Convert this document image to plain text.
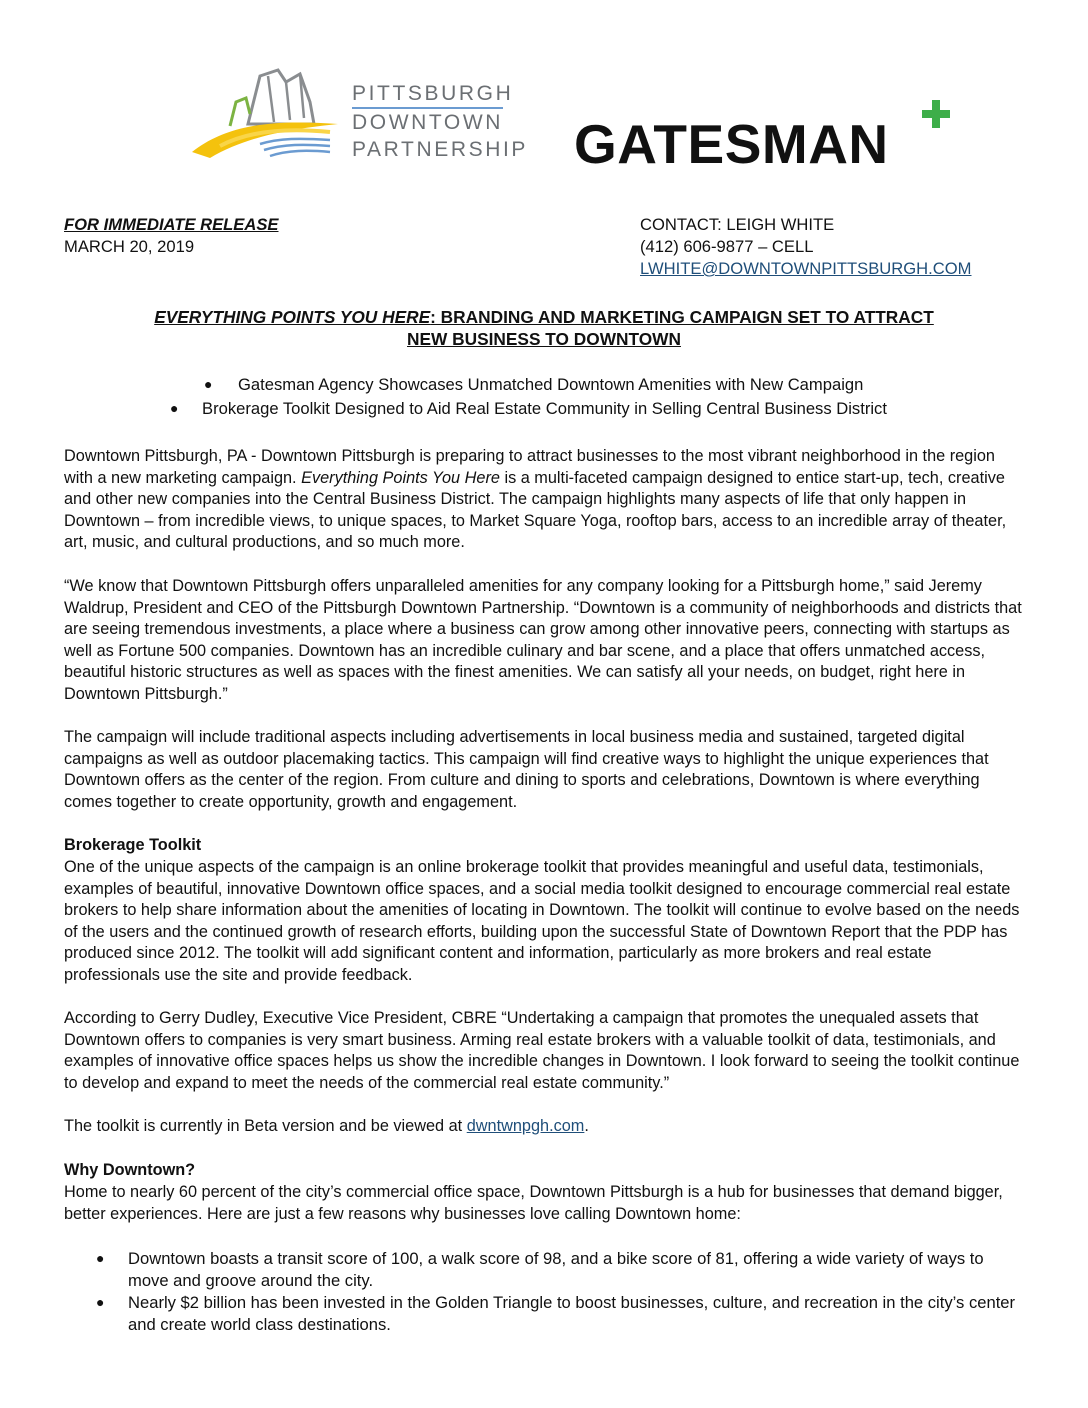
PITTSBURGH
DOWNTOWN
PARTNERSHIP GATESMAN
FOR IMMEDIATE RELEASE
MARCH 20, 2019
CONTACT: LEIGH WHITE
(412) 606-9877 – CELL
LWHITE@DOWNTOWNPITTSBURGH.COM
EVERYTHING POINTS YOU HERE: BRANDING AND MARKETING CAMPAIGN SET TO ATTRACT
NEW BUSINESS TO DOWNTOWN
● Gatesman Agency Showcases Unmatched Downtown Amenities with New Campaign
● Brokerage Toolkit Designed to Aid Real Estate Community in Selling Central Business District
Downtown Pittsburgh, PA - Downtown Pittsburgh is preparing to attract businesses to the most vibrant neighborhood in the region with a new marketing campaign. Everything Points You Here is a multi-faceted campaign designed to entice start-up, tech, creative and other new companies into the Central Business District. The campaign highlights many aspects of life that only happen in Downtown – from incredible views, to unique spaces, to Market Square Yoga, rooftop bars, access to an incredible array of theater, art, music, and cultural productions, and so much more.
“We know that Downtown Pittsburgh offers unparalleled amenities for any company looking for a Pittsburgh home,” said Jeremy Waldrup, President and CEO of the Pittsburgh Downtown Partnership. “Downtown is a community of neighborhoods and districts that are seeing tremendous investments, a place where a business can grow among other innovative peers, connecting with startups as well as Fortune 500 companies. Downtown has an incredible culinary and bar scene, and a place that offers unmatched access, beautiful historic structures as well as spaces with the finest amenities. We can satisfy all your needs, on budget, right here in Downtown Pittsburgh.”
The campaign will include traditional aspects including advertisements in local business media and sustained, targeted digital campaigns as well as outdoor placemaking tactics. This campaign will find creative ways to highlight the unique experiences that Downtown offers as the center of the region. From culture and dining to sports and celebrations, Downtown is where everything comes together to create opportunity, growth and engagement.
Brokerage Toolkit
One of the unique aspects of the campaign is an online brokerage toolkit that provides meaningful and useful data, testimonials, examples of beautiful, innovative Downtown office spaces, and a social media toolkit designed to encourage commercial real estate brokers to help share information about the amenities of locating in Downtown. The toolkit will continue to evolve based on the needs of the users and the continued growth of research efforts, building upon the successful State of Downtown Report that the PDP has produced since 2012. The toolkit will add significant content and information, particularly as more brokers and real estate professionals use the site and provide feedback.
According to Gerry Dudley, Executive Vice President, CBRE “Undertaking a campaign that promotes the unequaled assets that Downtown offers to companies is very smart business. Arming real estate brokers with a valuable toolkit of data, testimonials, and examples of innovative office spaces helps us show the incredible changes in Downtown. I look forward to seeing the toolkit continue to develop and expand to meet the needs of the commercial real estate community.”
The toolkit is currently in Beta version and be viewed at dwntwnpgh.com.
Why Downtown?
Home to nearly 60 percent of the city’s commercial office space, Downtown Pittsburgh is a hub for businesses that demand bigger, better experiences. Here are just a few reasons why businesses love calling Downtown home:
● Downtown boasts a transit score of 100, a walk score of 98, and a bike score of 81, offering a wide variety of ways to move and groove around the city.
● Nearly $2 billion has been invested in the Golden Triangle to boost businesses, culture, and recreation in the city’s center and create world class destinations.
